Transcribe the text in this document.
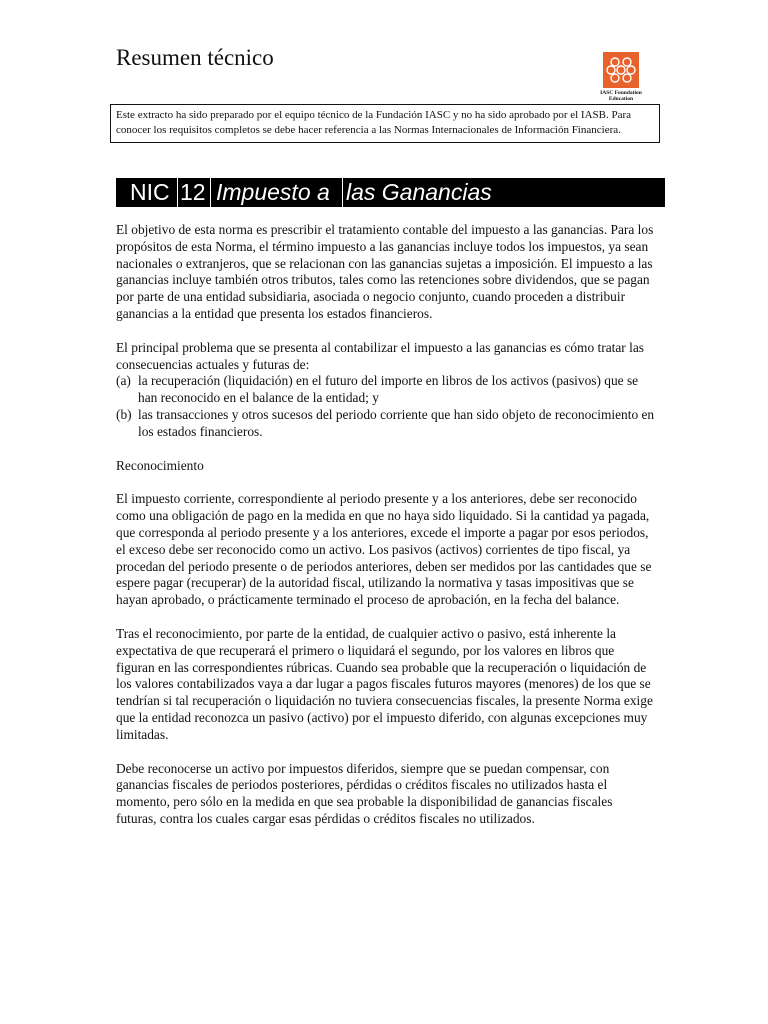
Resumen técnico
IASC Foundation Education
Este extracto ha sido preparado por el equipo técnico de la Fundación IASC y no ha sido aprobado por el IASB. Para conocer los requisitos completos se debe hacer referencia a las Normas Internacionales de Información Financiera.
NIC 12 Impuesto a las Ganancias

El objetivo de esta norma es prescribir el tratamiento contable del impuesto a las ganancias. Para los propósitos de esta Norma, el término impuesto a las ganancias incluye todos los impuestos, ya sean nacionales o extranjeros, que se relacionan con las ganancias sujetas a imposición. El impuesto a las ganancias incluye también otros tributos, tales como las retenciones sobre dividendos, que se pagan por parte de una entidad subsidiaria, asociada o negocio conjunto, cuando proceden a distribuir ganancias a la entidad que presenta los estados financieros.

El principal problema que se presenta al contabilizar el impuesto a las ganancias es cómo tratar las consecuencias actuales y futuras de:

(a) la recuperación (liquidación) en el futuro del importe en libros de los activos (pasivos) que se han reconocido en el balance de la entidad; y
(b) las transacciones y otros sucesos del periodo corriente que han sido objeto de reconocimiento en los estados financieros.

Reconocimiento

El impuesto corriente, correspondiente al periodo presente y a los anteriores, debe ser reconocido como una obligación de pago en la medida en que no haya sido liquidado. Si la cantidad ya pagada, que corresponda al periodo presente y a los anteriores, excede el importe a pagar por esos periodos, el exceso debe ser reconocido como un activo. Los pasivos (activos) corrientes de tipo fiscal, ya procedan del periodo presente o de periodos anteriores, deben ser medidos por las cantidades que se espere pagar (recuperar) de la autoridad fiscal, utilizando la normativa y tasas impositivas que se hayan aprobado, o prácticamente terminado el proceso de aprobación, en la fecha del balance.

Tras el reconocimiento, por parte de la entidad, de cualquier activo o pasivo, está inherente la expectativa de que recuperará el primero o liquidará el segundo, por los valores en libros que figuran en las correspondientes rúbricas. Cuando sea probable que la recuperación o liquidación de los valores contabilizados vaya a dar lugar a pagos fiscales futuros mayores (menores) de los que se tendrían si tal recuperación o liquidación no tuviera consecuencias fiscales, la presente Norma exige que la entidad reconozca un pasivo (activo) por el impuesto diferido, con algunas excepciones muy limitadas.

Debe reconocerse un activo por impuestos diferidos, siempre que se puedan compensar, con ganancias fiscales de periodos posteriores, pérdidas o créditos fiscales no utilizados hasta el momento, pero sólo en la medida en que sea probable la disponibilidad de ganancias fiscales futuras, contra los cuales cargar esas pérdidas o créditos fiscales no utilizados.
